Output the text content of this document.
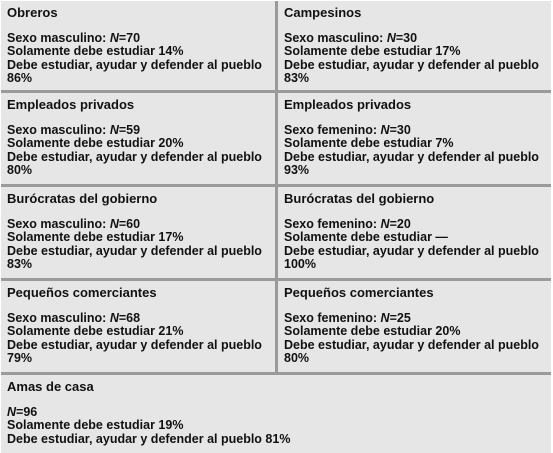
Obreros
Sexo masculino: N=70
Solamente debe estudiar 14%
Debe estudiar, ayudar y defender al pueblo
86%
Campesinos
Sexo masculino: N=30
Solamente debe estudiar 17%
Debe estudiar, ayudar y defender al pueblo
83%
Empleados privados
Sexo masculino: N=59
Solamente debe estudiar 20%
Debe estudiar, ayudar y defender al pueblo
80%
Empleados privados
Sexo femenino: N=30
Solamente debe estudiar 7%
Debe estudiar, ayudar y defender al pueblo
93%
Burócratas del gobierno
Sexo masculino: N=60
Solamente debe estudiar 17%
Debe estudiar, ayudar y defender al pueblo
83%
Burócratas del gobierno
Sexo femenino: N=20
Solamente debe estudiar —
Debe estudiar, ayudar y defender al pueblo
100%
Pequeños comerciantes
Sexo masculino: N=68
Solamente debe estudiar 21%
Debe estudiar, ayudar y defender al pueblo
79%
Pequeños comerciantes
Sexo femenino: N=25
Solamente debe estudiar 20%
Debe estudiar, ayudar y defender al pueblo
80%
Amas de casa
N=96
Solamente debe estudiar 19%
Debe estudiar, ayudar y defender al pueblo 81%
